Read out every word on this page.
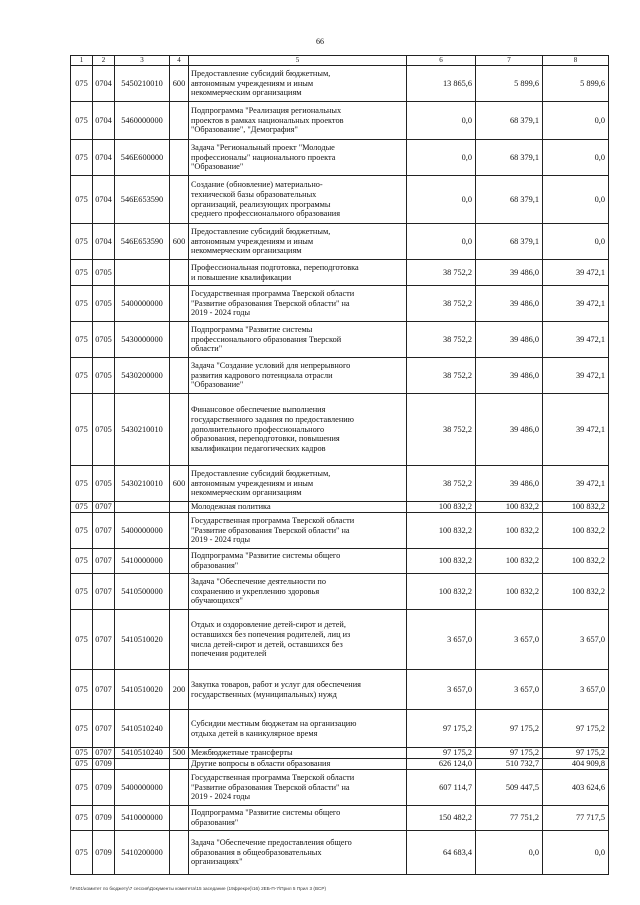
66
1	2	3	4	5	6	7	8
075	0704	5450210010	600	Предоставление субсидий бюджетным,
автономным учреждениям и иным
некоммерческим организациям	13 865,6	5 899,6	5 899,6
075	0704	5460000000		Подпрограмма "Реализация региональных
проектов в рамках национальных проектов
"Образование", "Демография"	0,0	68 379,1	0,0
075	0704	546E600000		Задача "Региональный проект "Молодые
профессионалы" национального проекта
"Образование"	0,0	68 379,1	0,0
075	0704	546E653590		Создание (обновление) материально-
технической базы образовательных
организаций, реализующих программы
среднего профессионального образования	0,0	68 379,1	0,0
075	0704	546E653590	600	Предоставление субсидий бюджетным,
автономным учреждениям и иным
некоммерческим организациям	0,0	68 379,1	0,0
075	0705			Профессиональная подготовка, переподготовка
и повышение квалификации	38 752,2	39 486,0	39 472,1
075	0705	5400000000		Государственная программа Тверской области
"Развитие образования Тверской области" на
2019 - 2024 годы	38 752,2	39 486,0	39 472,1
075	0705	5430000000		Подпрограмма "Развитие системы
профессионального образования Тверской
области"	38 752,2	39 486,0	39 472,1
075	0705	5430200000		Задача "Создание условий для непрерывного
развития кадрового потенциала отрасли
"Образование"	38 752,2	39 486,0	39 472,1
075	0705	5430210010		Финансовое обеспечение выполнения
государственного задания по предоставлению
дополнительного профессионального
образования, переподготовки, повышения
квалификации педагогических кадров	38 752,2	39 486,0	39 472,1
075	0705	5430210010	600	Предоставление субсидий бюджетным,
автономным учреждениям и иным
некоммерческим организациям	38 752,2	39 486,0	39 472,1
075	0707			Молодежная политика	100 832,2	100 832,2	100 832,2
075	0707	5400000000		Государственная программа Тверской области
"Развитие образования Тверской области" на
2019 - 2024 годы	100 832,2	100 832,2	100 832,2
075	0707	5410000000		Подпрограмма "Развитие системы общего
образования"	100 832,2	100 832,2	100 832,2
075	0707	5410500000		Задача "Обеспечение деятельности по
сохранению и укреплению здоровья
обучающихся"	100 832,2	100 832,2	100 832,2
075	0707	5410510020		Отдых и оздоровление детей-сирот и детей,
оставшихся без попечения родителей, лиц из
числа детей-сирот и детей, оставшихся без
попечения родителей	3 657,0	3 657,0	3 657,0
075	0707	5410510020	200	Закупка товаров, работ и услуг для обеспечения
государственных (муниципальных) нужд	3 657,0	3 657,0	3 657,0
075	0707	5410510240		Субсидии местным бюджетам на организацию
отдыха детей в каникулярное время	97 175,2	97 175,2	97 175,2
075	0707	5410510240	500	Межбюджетные трансферты	97 175,2	97 175,2	97 175,2
075	0709			Другие вопросы в области образования	626 124,0	510 732,7	404 909,8
075	0709	5400000000		Государственная программа Тверской области
"Развитие образования Тверской области" на
2019 - 2024 годы	607 114,7	509 447,5	403 624,6
075	0709	5410000000		Подпрограмма "Развитие системы общего
образования"	150 482,2	77 751,2	77 717,5
075	0709	5410200000		Задача "Обеспечение предоставления общего
образования в общеобразовательных
организациях"	64 683,4	0,0	0,0
\\Fs01\комитет по бюджету\7 сессия\Документы комитета\15 заседание (19фрекре)\16) 2ЕБ-П-7\Прил 5 Прил 3 (ВСР)
